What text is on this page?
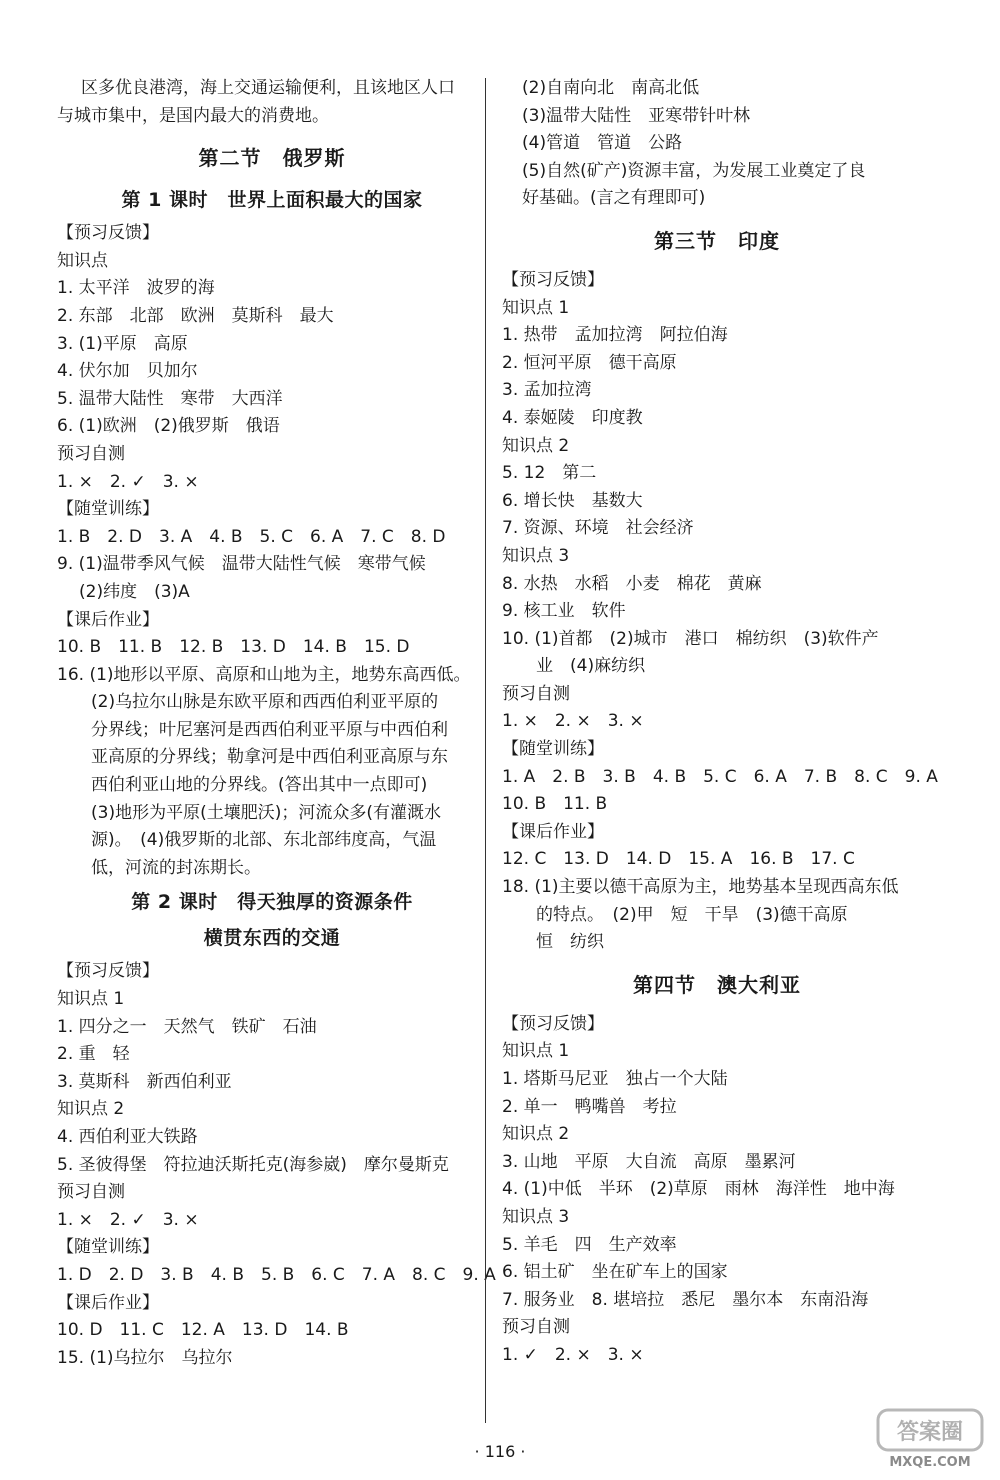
区多优良港湾，海上交通运输便利，且该地区人口
与城市集中，是国内最大的消费地。
第二节　俄罗斯
第 1 课时　世界上面积最大的国家
【预习反馈】
知识点
1. 太平洋　波罗的海
2. 东部　北部　欧洲　莫斯科　最大
3. (1)平原　高原
4. 伏尔加　贝加尔
5. 温带大陆性　寒带　大西洋
6. (1)欧洲　(2)俄罗斯　俄语
预习自测
1. ×　2. ✓　3. ×
【随堂训练】
1. B　2. D　3. A　4. B　5. C　6. A　7. C　8. D
9. (1)温带季风气候　温带大陆性气候　寒带气候
(2)纬度　(3)A
【课后作业】
10. B　11. B　12. B　13. D　14. B　15. D
16. (1)地形以平原、高原和山地为主，地势东高西低。
(2)乌拉尔山脉是东欧平原和西西伯利亚平原的
分界线；叶尼塞河是西西伯利亚平原与中西伯利
亚高原的分界线；勒拿河是中西伯利亚高原与东
西伯利亚山地的分界线。(答出其中一点即可)
(3)地形为平原(土壤肥沃)；河流众多(有灌溉水
源)。　(4)俄罗斯的北部、东北部纬度高，气温
低，河流的封冻期长。
第 2 课时　得天独厚的资源条件
横贯东西的交通
【预习反馈】
知识点 1
1. 四分之一　天然气　铁矿　石油
2. 重　轻
3. 莫斯科　新西伯利亚
知识点 2
4. 西伯利亚大铁路
5. 圣彼得堡　符拉迪沃斯托克(海参崴)　摩尔曼斯克
预习自测
1. ×　2. ✓　3. ×
【随堂训练】
1. D　2. D　3. B　4. B　5. B　6. C　7. A　8. C　9. A
【课后作业】
10. D　11. C　12. A　13. D　14. B
15. (1)乌拉尔　乌拉尔
(2)自南向北　南高北低
(3)温带大陆性　亚寒带针叶林
(4)管道　管道　公路
(5)自然(矿产)资源丰富，为发展工业奠定了良
好基础。(言之有理即可)
第三节　印度
【预习反馈】
知识点 1
1. 热带　孟加拉湾　阿拉伯海
2. 恒河平原　德干高原
3. 孟加拉湾
4. 泰姬陵　印度教
知识点 2
5. 12　第二
6. 增长快　基数大
7. 资源、环境　社会经济
知识点 3
8. 水热　水稻　小麦　棉花　黄麻
9. 核工业　软件
10. (1)首都　(2)城市　港口　棉纺织　(3)软件产
业　(4)麻纺织
预习自测
1. ×　2. ×　3. ×
【随堂训练】
1. A　2. B　3. B　4. B　5. C　6. A　7. B　8. C　9. A
10. B　11. B
【课后作业】
12. C　13. D　14. D　15. A　16. B　17. C
18. (1)主要以德干高原为主，地势基本呈现西高东低
的特点。　(2)甲　短　干旱　(3)德干高原
恒　纺织
第四节　澳大利亚
【预习反馈】
知识点 1
1. 塔斯马尼亚　独占一个大陆
2. 单一　鸭嘴兽　考拉
知识点 2
3. 山地　平原　大自流　高原　墨累河
4. (1)中低　半环　(2)草原　雨林　海洋性　地中海
知识点 3
5. 羊毛　四　生产效率
6. 铝土矿　坐在矿车上的国家
7. 服务业　8. 堪培拉　悉尼　墨尔本　东南沿海
预习自测
1. ✓　2. ×　3. ×
· 116 ·
答案圈
MXQE.COM
